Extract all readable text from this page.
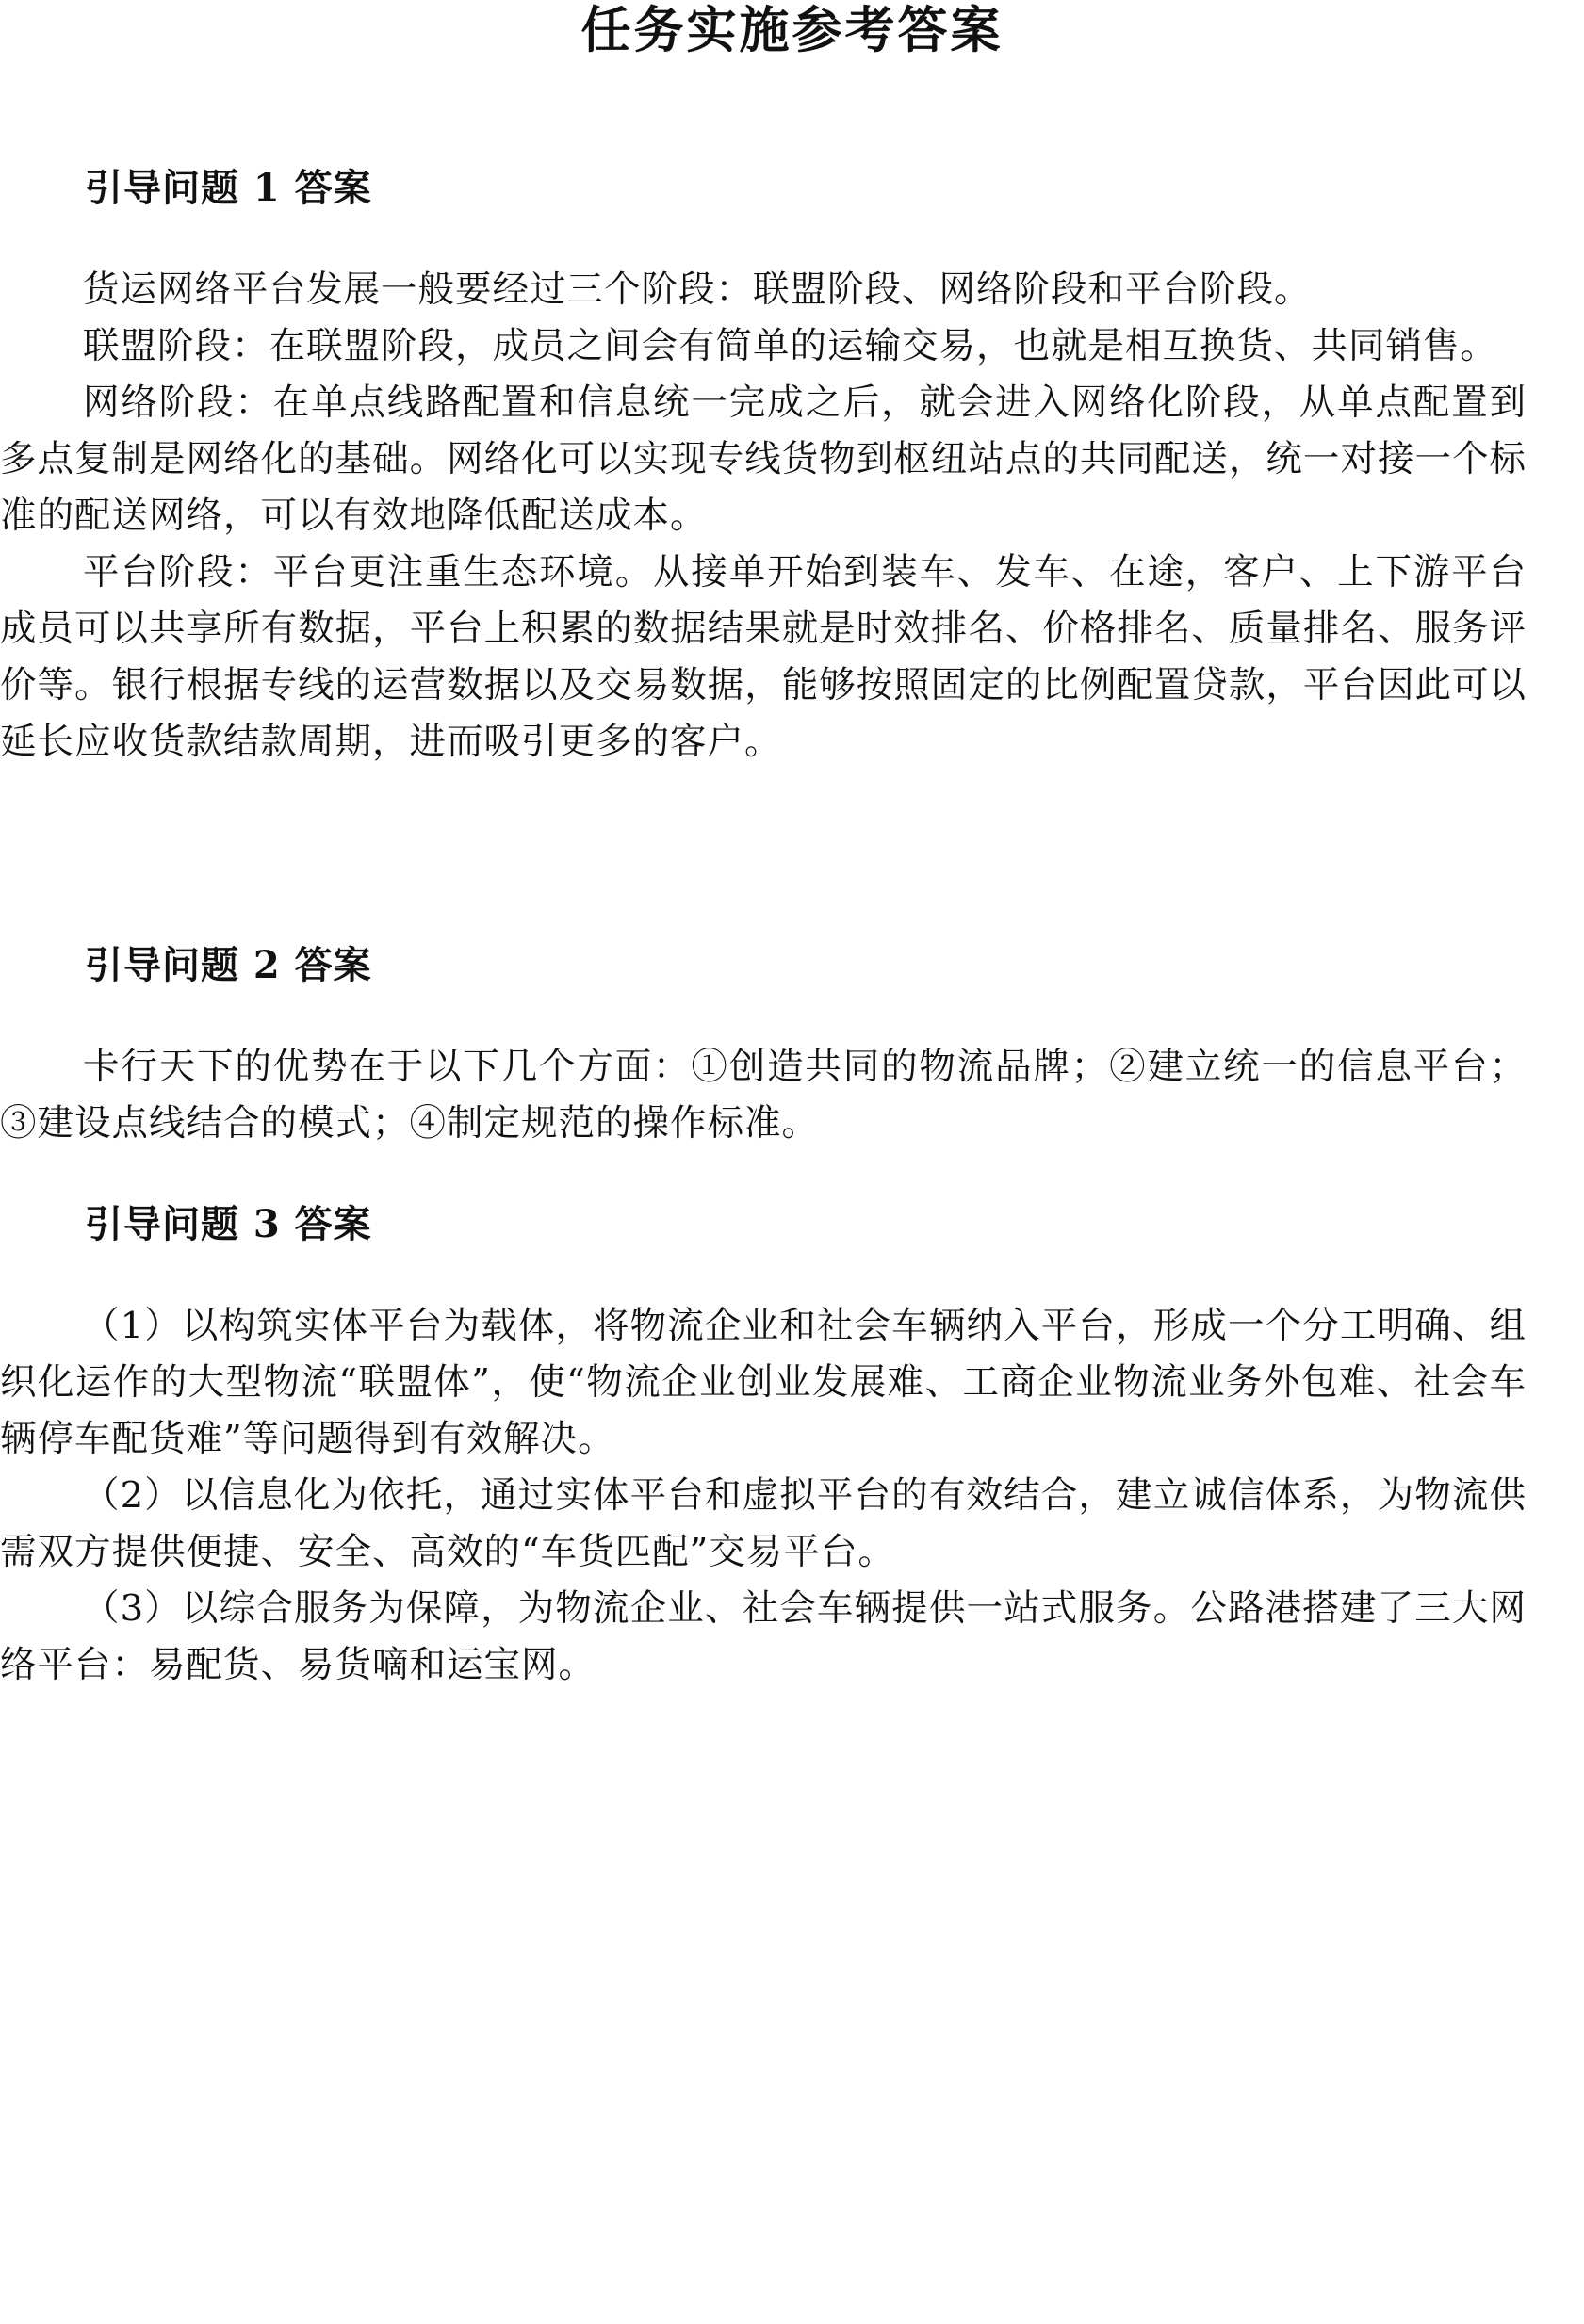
任务实施参考答案
引导问题 1 答案

货运网络平台发展一般要经过三个阶段：联盟阶段、网络阶段和平台阶段。

联盟阶段：在联盟阶段，成员之间会有简单的运输交易，也就是相互换货、共同销售。

网络阶段：在单点线路配置和信息统一完成之后，就会进入网络化阶段，从单点配置到多点复制是网络化的基础。网络化可以实现专线货物到枢纽站点的共同配送，统一对接一个标准的配送网络，可以有效地降低配送成本。

平台阶段：平台更注重生态环境。从接单开始到装车、发车、在途，客户、上下游平台成员可以共享所有数据，平台上积累的数据结果就是时效排名、价格排名、质量排名、服务评价等。银行根据专线的运营数据以及交易数据，能够按照固定的比例配置贷款，平台因此可以延长应收货款结款周期，进而吸引更多的客户。

引导问题 2 答案

卡行天下的优势在于以下几个方面：①创造共同的物流品牌；②建立统一的信息平台；③建设点线结合的模式；④制定规范的操作标准。

引导问题 3 答案

（1）以构筑实体平台为载体，将物流企业和社会车辆纳入平台，形成一个分工明确、组织化运作的大型物流“联盟体”，使“物流企业创业发展难、工商企业物流业务外包难、社会车辆停车配货难”等问题得到有效解决。

（2）以信息化为依托，通过实体平台和虚拟平台的有效结合，建立诚信体系，为物流供需双方提供便捷、安全、高效的“车货匹配”交易平台。

（3）以综合服务为保障，为物流企业、社会车辆提供一站式服务。公路港搭建了三大网络平台：易配货、易货嘀和运宝网。
